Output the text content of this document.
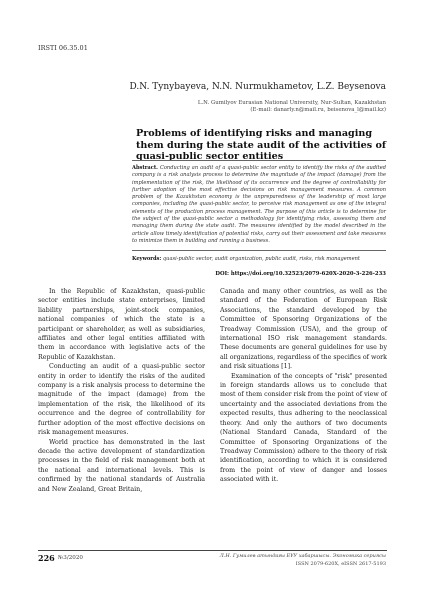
IRSTI 06.35.01
D.N. Tynybayeva, N.N. Nurmukhametov, L.Z. Beysenova
L.N. Gumilyov Eurasian National University, Nur-Sultan, Kazakhstan
(E-mail: danarly.n@mail.ru, beisenova_l@mail.kz)
Problems of identifying risks and managing them during the state audit of the activities of quasi-public sector entities
Abstract. Conducting an audit of a quasi-public sector entity to identify the risks of the audited company is a risk analysis process to determine the magnitude of the impact (damage) from the implementation of the risk, the likelihood of its occurrence and the degree of controllability for further adoption of the most effective decisions on risk management measures. A common problem of the Kazakhstan economy is the unpreparedness of the leadership of most large companies, including the quasi-public sector, to perceive risk management as one of the integral elements of the production process management. The purpose of this article is to determine for the subject of the quasi-public sector a methodology for identifying risks, assessing them and managing them during the state audit. The measures identified by the model described in the article allow timely identification of potential risks, carry out their assessment and take measures to minimize them in building and running a business.
Keywords: quasi-public sector, audit organization, public audit, risks, risk management
DOI: https://doi.org/10.32523/2079-620X-2020-3-226-233

In the Republic of Kazakhstan, quasi-public sector entities include state enterprises, limited liability partnerships, joint-stock companies, national companies of which the state is a participant or shareholder, as well as subsidiaries, affiliates and other legal entities affiliated with them in accordance with legislative acts of the Republic of Kazakhstan.

Conducting an audit of a quasi-public sector entity in order to identify the risks of the audited company is a risk analysis process to determine the magnitude of the impact (damage) from the implementation of the risk, the likelihood of its occurrence and the degree of controllability for further adoption of the most effective decisions on risk management measures.

World practice has demonstrated in the last decade the active development of standardization processes in the field of risk management both at the national and international levels. This is confirmed by the national standards of Australia and New Zealand, Great Britain,

Canada and many other countries, as well as the standard of the Federation of European Risk Associations, the standard developed by the Committee of Sponsoring Organizations of the Treadway Commission (USA), and the group of international ISO risk management standards. These documents are general guidelines for use by all organizations, regardless of the specifics of work and risk situations [1].

Examination of the concepts of "risk" presented in foreign standards allows us to conclude that most of them consider risk from the point of view of uncertainty and the associated deviations from the expected results, thus adhering to the neoclassical theory. And only the authors of two documents (National Standard Canada, Standard of the Committee of Sponsoring Organizations of the Treadway Commission) adhere to the theory of risk identification, according to which it is considered from the point of view of danger and losses associated with it.

226 №3/2020	Л.Н. Гумилев атындағы ЕҰУ хабаршысы. Экономика сериясы
ISSN 2079-620X, eISSN 2617-5193
